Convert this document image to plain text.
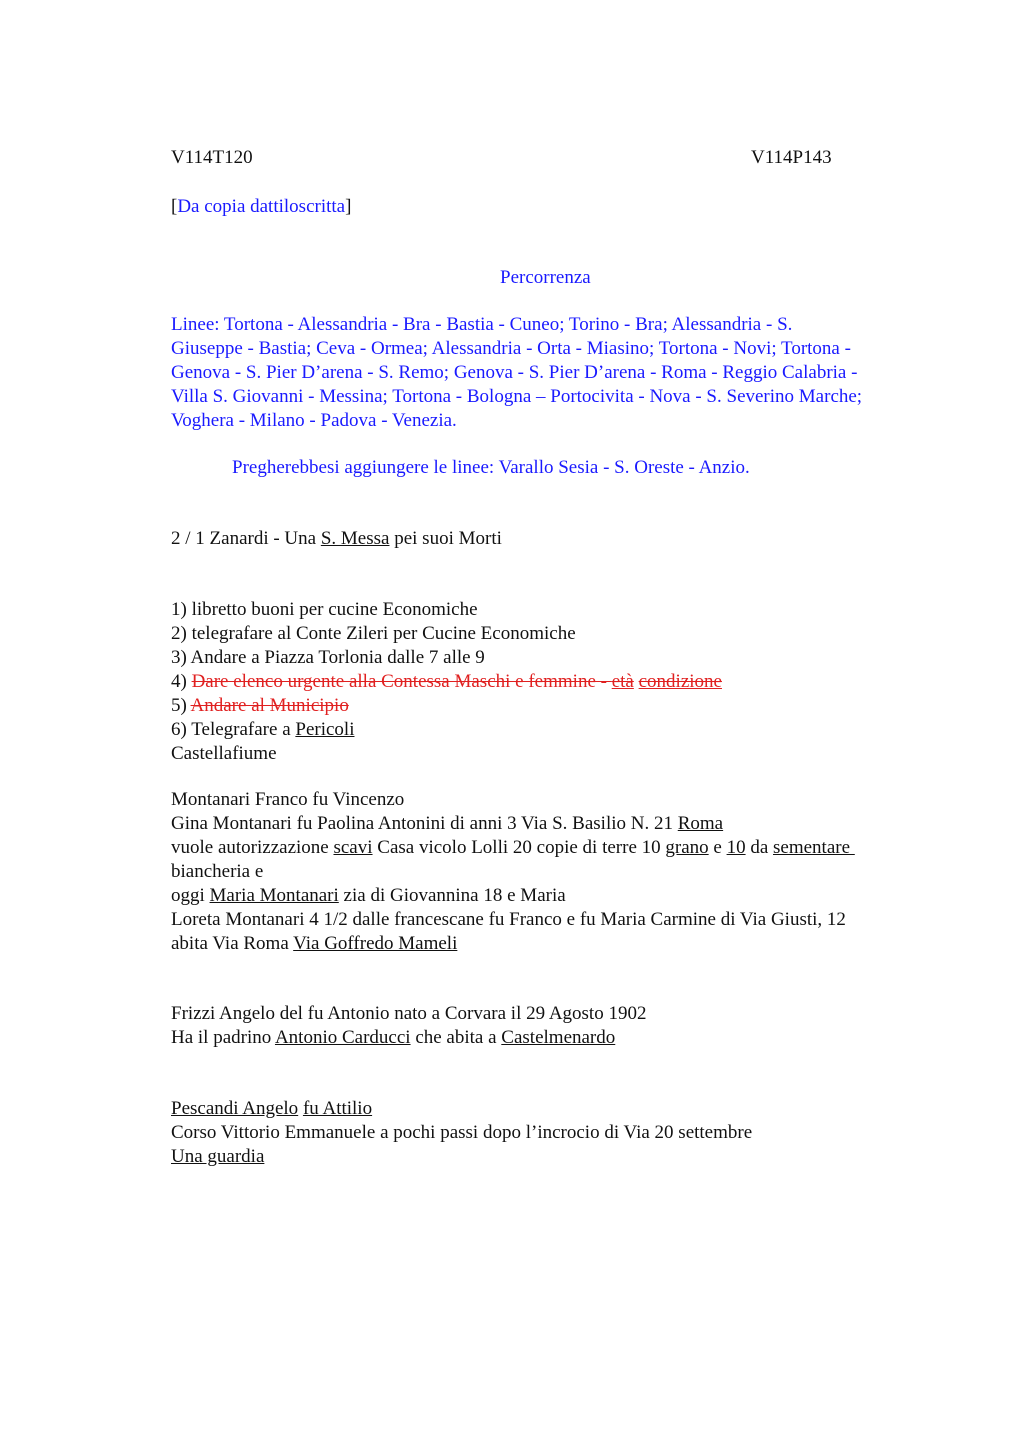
V114T120	V114P143
[Da copia dattiloscritta]
Percorrenza
Linee: Tortona - Alessandria - Bra - Bastia - Cuneo; Torino - Bra; Alessandria - S.
Giuseppe - Bastia; Ceva - Ormea; Alessandria - Orta - Miasino; Tortona - Novi; Tortona -
Genova - S. Pier D’arena - S. Remo; Genova - S. Pier D’arena - Roma - Reggio Calabria -
Villa S. Giovanni - Messina; Tortona - Bologna – Portocivita - Nova - S. Severino Marche;
Voghera - Milano - Padova - Venezia.
Pregherebbesi aggiungere le linee: Varallo Sesia - S. Oreste - Anzio.
2 / 1 Zanardi - Una S. Messa pei suoi Morti
1) libretto buoni per cucine Economiche
2) telegrafare al Conte Zileri per Cucine Economiche
3) Andare a Piazza Torlonia dalle 7 alle 9
4) Dare elenco urgente alla Contessa Maschi e femmine - età condizione
5) Andare al Municipio
6) Telegrafare a Pericoli
Castellafiume
Montanari Franco fu Vincenzo
Gina Montanari fu Paolina Antonini di anni 3 Via S. Basilio N. 21 Roma
vuole autorizzazione scavi Casa vicolo Lolli 20 copie di terre 10 grano e 10 da sementare
biancheria e
oggi Maria Montanari zia di Giovannina 18 e Maria
Loreta Montanari 4 1/2 dalle francescane fu Franco e fu Maria Carmine di Via Giusti, 12
abita Via Roma Via Goffredo Mameli
Frizzi Angelo del fu Antonio nato a Corvara il 29 Agosto 1902
Ha il padrino Antonio Carducci che abita a Castelmenardo
Pescandi Angelo fu Attilio
Corso Vittorio Emmanuele a pochi passi dopo l’incrocio di Via 20 settembre
Una guardia
